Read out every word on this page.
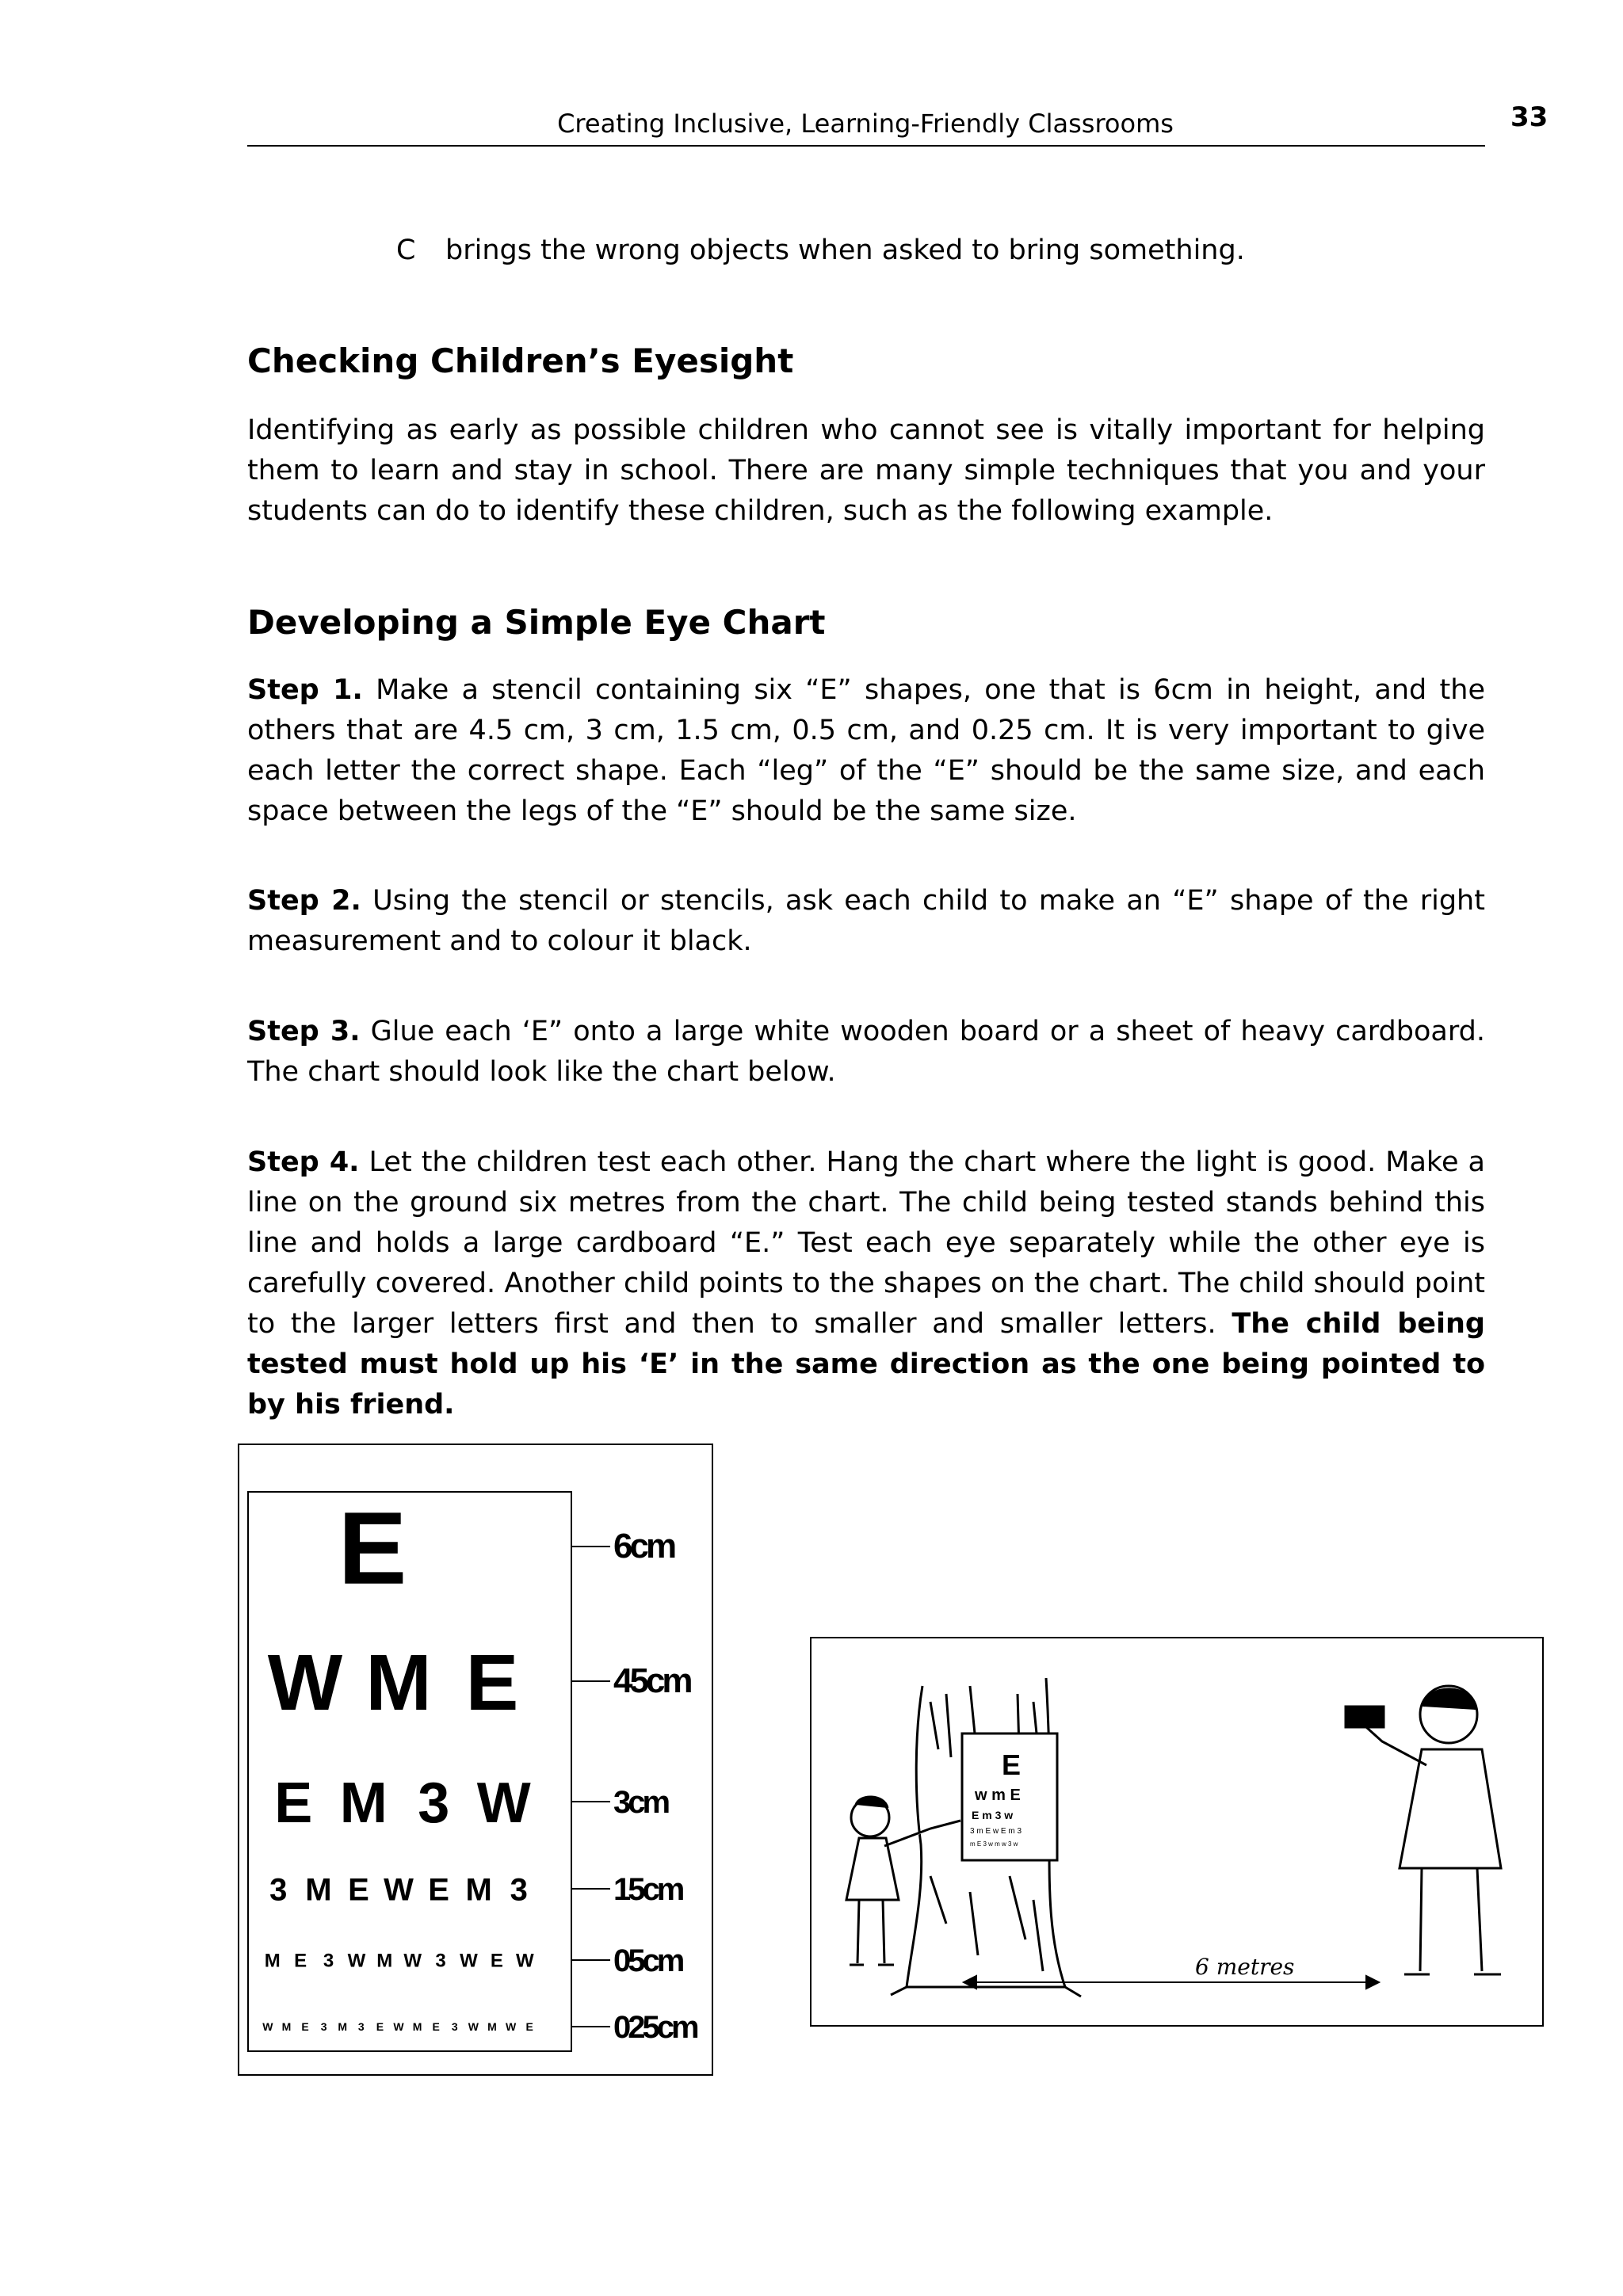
Creating Inclusive, Learning-Friendly Classrooms	33
C brings the wrong objects when asked to bring something.
Checking Children’s Eyesight

Identifying as early as possible children who cannot see is vitally important for helping them to learn and stay in school. There are many simple techniques that you and your students can do to identify these children, such as the following example.

Developing a Simple Eye Chart

Step 1. Make a stencil containing six “E” shapes, one that is 6cm in height, and the others that are 4.5 cm, 3 cm, 1.5 cm, 0.5 cm, and 0.25 cm. It is very important to give each letter the correct shape. Each “leg” of the “E” should be the same size, and each space between the legs of the “E” should be the same size.

Step 2. Using the stencil or stencils, ask each child to make an “E” shape of the right measurement and to colour it black.

Step 3. Glue each ‘E” onto a large white wooden board or a sheet of heavy cardboard. The chart should look like the chart below.

Step 4. Let the children test each other. Hang the chart where the light is good. Make a line on the ground six metres from the chart. The child being tested stands behind this line and holds a large cardboard “E.” Test each eye separately while the other eye is carefully covered. Another child points to the shapes on the chart. The child should point to the larger letters first and then to smaller and smaller letters. The child being tested must hold up his ‘E’ in the same direction as the one being pointed to by his friend.

E	6cm
W M E	45cm
E M 3 W	3cm
3 M E W E M 3	15cm
M E 3 W M W 3 W E W	05cm
W M E 3 M 3 E W M E 3 W M W E	025cm
E
w m E
E m 3 w
3 m E w E m 3
m E 3 w m w 3 w
6 metres
